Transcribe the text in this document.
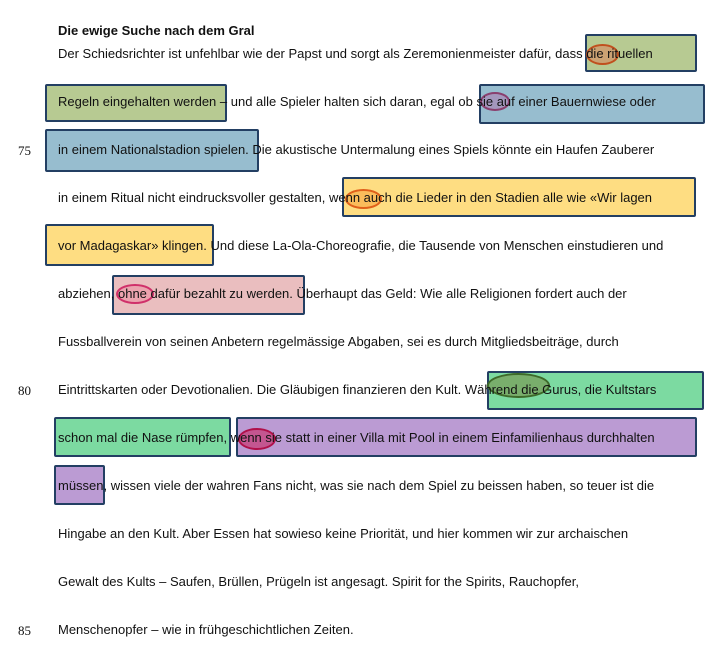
Die ewige Suche nach dem Gral
Der Schiedsrichter ist unfehlbar wie der Papst und sorgt als Zeremonienmeister dafür, dass die rituellen
Regeln eingehalten werden – und alle Spieler halten sich daran, egal ob sie auf einer Bauernwiese oder
in einem Nationalstadion spielen. Die akustische Untermalung eines Spiels könnte ein Haufen Zauberer
in einem Ritual nicht eindrucksvoller gestalten, wenn auch die Lieder in den Stadien alle wie «Wir lagen
vor Madagaskar» klingen. Und diese La-Ola-Choreografie, die Tausende von Menschen einstudieren und
abziehen, ohne dafür bezahlt zu werden. Überhaupt das Geld: Wie alle Religionen fordert auch der
Fussballverein von seinen Anbetern regelmässige Abgaben, sei es durch Mitgliedsbeiträge, durch
Eintrittskarten oder Devotionalien. Die Gläubigen finanzieren den Kult. Während die Gurus, die Kultstars
schon mal die Nase rümpfen, wenn sie statt in einer Villa mit Pool in einem Einfamilienhaus durchhalten
müssen, wissen viele der wahren Fans nicht, was sie nach dem Spiel zu beissen haben, so teuer ist die
Hingabe an den Kult. Aber Essen hat sowieso keine Priorität, und hier kommen wir zur archaischen
Gewalt des Kults – Saufen, Brüllen, Prügeln ist angesagt. Spirit for the Spirits, Rauchopfer,
Menschenopfer – wie in frühgeschichtlichen Zeiten.
75
80
85
